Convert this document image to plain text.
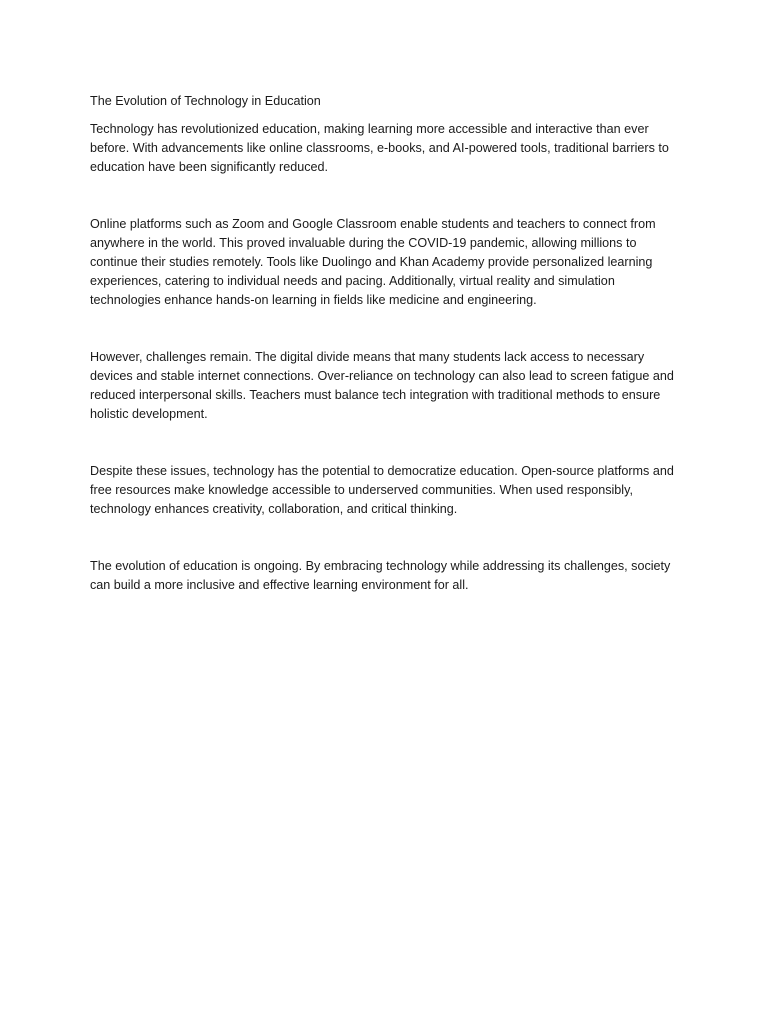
The Evolution of Technology in Education

Technology has revolutionized education, making learning more accessible and interactive than ever before. With advancements like online classrooms, e-books, and AI-powered tools, traditional barriers to education have been significantly reduced.

Online platforms such as Zoom and Google Classroom enable students and teachers to connect from anywhere in the world. This proved invaluable during the COVID-19 pandemic, allowing millions to continue their studies remotely. Tools like Duolingo and Khan Academy provide personalized learning experiences, catering to individual needs and pacing. Additionally, virtual reality and simulation technologies enhance hands-on learning in fields like medicine and engineering.

However, challenges remain. The digital divide means that many students lack access to necessary devices and stable internet connections. Over-reliance on technology can also lead to screen fatigue and reduced interpersonal skills. Teachers must balance tech integration with traditional methods to ensure holistic development.

Despite these issues, technology has the potential to democratize education. Open-source platforms and free resources make knowledge accessible to underserved communities. When used responsibly, technology enhances creativity, collaboration, and critical thinking.

The evolution of education is ongoing. By embracing technology while addressing its challenges, society can build a more inclusive and effective learning environment for all.
